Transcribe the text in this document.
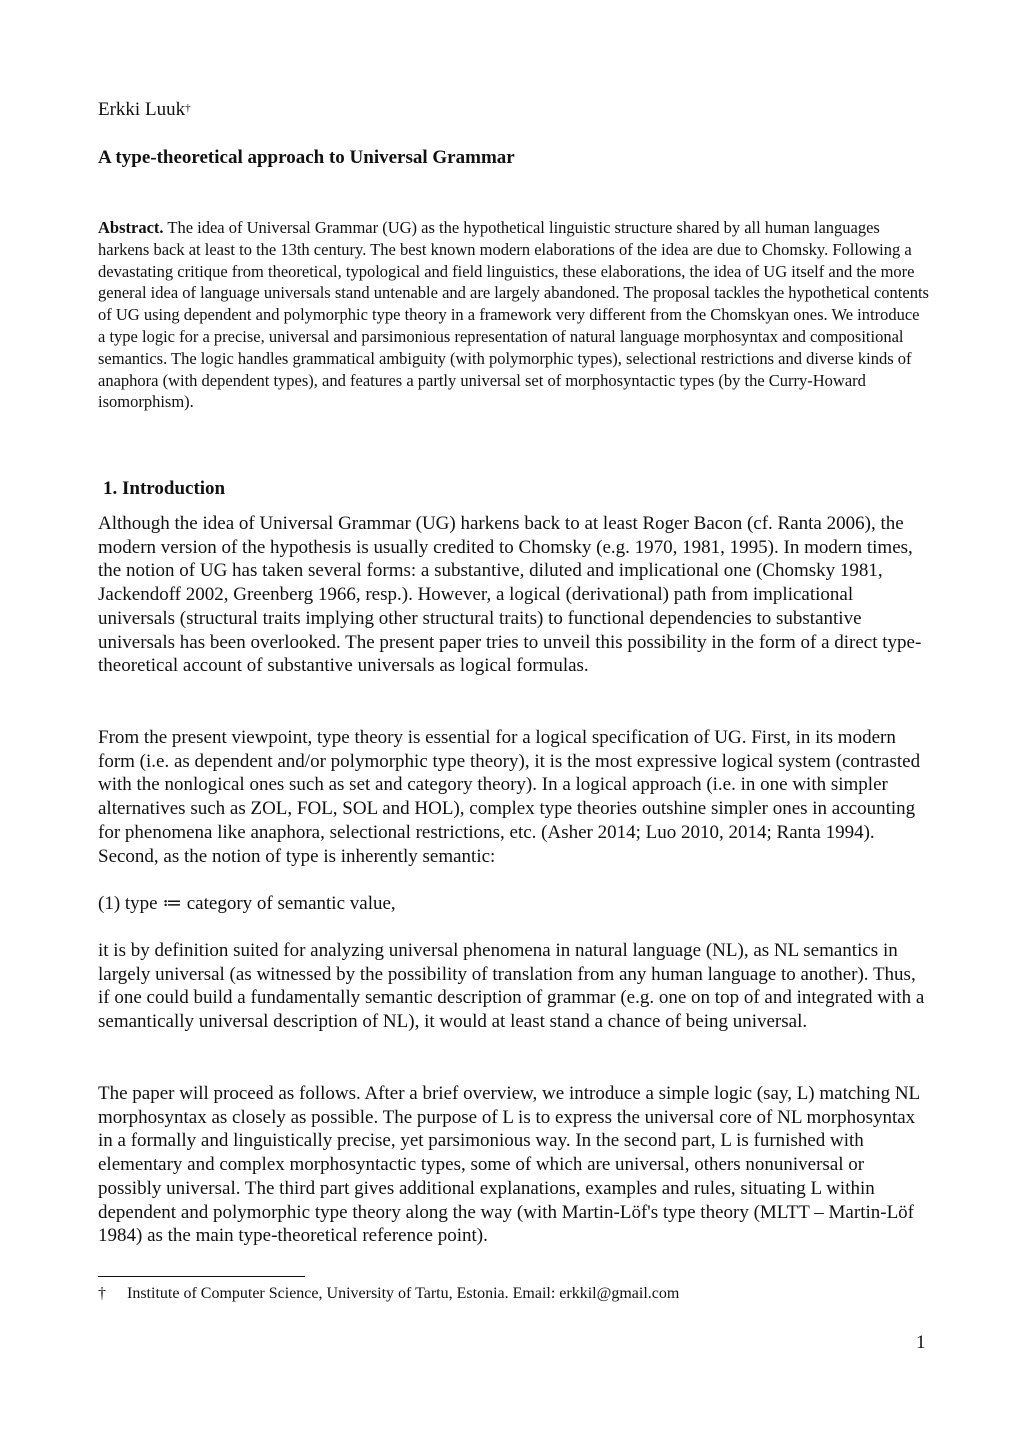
Erkki Luuk†
A type-theoretical approach to Universal Grammar

Abstract. The idea of Universal Grammar (UG) as the hypothetical linguistic structure shared by all human languages harkens back at least to the 13th century. The best known modern elaborations of the idea are due to Chomsky. Following a devastating critique from theoretical, typological and field linguistics, these elaborations, the idea of UG itself and the more general idea of language universals stand untenable and are largely abandoned. The proposal tackles the hypothetical contents of UG using dependent and polymorphic type theory in a framework very different from the Chomskyan ones. We introduce a type logic for a precise, universal and parsimonious representation of natural language morphosyntax and compositional semantics. The logic handles grammatical ambiguity (with polymorphic types), selectional restrictions and diverse kinds of anaphora (with dependent types), and features a partly universal set of morphosyntactic types (by the Curry-Howard isomorphism).

1. Introduction

Although the idea of Universal Grammar (UG) harkens back to at least Roger Bacon (cf. Ranta 2006), the modern version of the hypothesis is usually credited to Chomsky (e.g. 1970, 1981, 1995). In modern times, the notion of UG has taken several forms: a substantive, diluted and implicational one (Chomsky 1981, Jackendoff 2002, Greenberg 1966, resp.). However, a logical (derivational) path from implicational universals (structural traits implying other structural traits) to functional dependencies to substantive universals has been overlooked. The present paper tries to unveil this possibility in the form of a direct type-theoretical account of substantive universals as logical formulas.

From the present viewpoint, type theory is essential for a logical specification of UG. First, in its modern form (i.e. as dependent and/or polymorphic type theory), it is the most expressive logical system (contrasted with the nonlogical ones such as set and category theory). In a logical approach (i.e. in one with simpler alternatives such as ZOL, FOL, SOL and HOL), complex type theories outshine simpler ones in accounting for phenomena like anaphora, selectional restrictions, etc. (Asher 2014; Luo 2010, 2014; Ranta 1994). Second, as the notion of type is inherently semantic:

(1) type ≔ category of semantic value,

it is by definition suited for analyzing universal phenomena in natural language (NL), as NL semantics in largely universal (as witnessed by the possibility of translation from any human language to another). Thus, if one could build a fundamentally semantic description of grammar (e.g. one on top of and integrated with a semantically universal description of NL), it would at least stand a chance of being universal.

The paper will proceed as follows. After a brief overview, we introduce a simple logic (say, L) matching NL morphosyntax as closely as possible. The purpose of L is to express the universal core of NL morphosyntax in a formally and linguistically precise, yet parsimonious way. In the second part, L is furnished with elementary and complex morphosyntactic types, some of which are universal, others nonuniversal or possibly universal. The third part gives additional explanations, examples and rules, situating L within dependent and polymorphic type theory along the way (with Martin-Löf's type theory (MLTT – Martin-Löf 1984) as the main type-theoretical reference point).

† Institute of Computer Science, University of Tartu, Estonia. Email: erkkil@gmail.com

1
